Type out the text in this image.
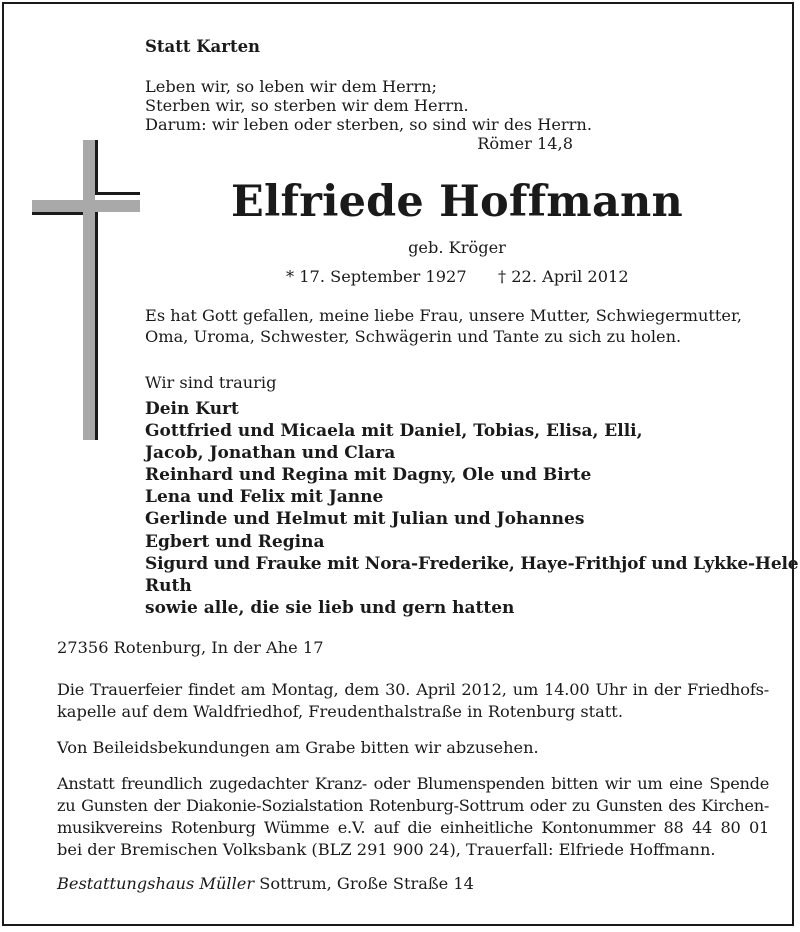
Statt Karten
Leben wir, so leben wir dem Herrn;
Sterben wir, so sterben wir dem Herrn.
Darum: wir leben oder sterben, so sind wir des Herrn.
Römer 14,8
Elfriede Hoffmann
geb. Kröger
* 17. September 1927 † 22. April 2012
Es hat Gott gefallen, meine liebe Frau, unsere Mutter, Schwiegermutter,
Oma, Uroma, Schwester, Schwägerin und Tante zu sich zu holen.
Wir sind traurig
Dein Kurt
Gottfried und Micaela mit Daniel, Tobias, Elisa, Elli,
Jacob, Jonathan und Clara
Reinhard und Regina mit Dagny, Ole und Birte
Lena und Felix mit Janne
Gerlinde und Helmut mit Julian und Johannes
Egbert und Regina
Sigurd und Frauke mit Nora-Frederike, Haye-Frithjof und Lykke-Hele
Ruth
sowie alle, die sie lieb und gern hatten
27356 Rotenburg, In der Ahe 17
Die Trauerfeier findet am Montag, dem 30. April 2012, um 14.00 Uhr in der Friedhofs-
kapelle auf dem Waldfriedhof, Freudenthalstraße in Rotenburg statt.
Von Beileidsbekundungen am Grabe bitten wir abzusehen.
Anstatt freundlich zugedachter Kranz- oder Blumenspenden bitten wir um eine Spende
zu Gunsten der Diakonie-Sozialstation Rotenburg-Sottrum oder zu Gunsten des Kirchen-
musikvereins Rotenburg Wümme e.V. auf die einheitliche Kontonummer 88 44 80 01
bei der Bremischen Volksbank (BLZ 291 900 24), Trauerfall: Elfriede Hoffmann.
Bestattungshaus Müller Sottrum, Große Straße 14
